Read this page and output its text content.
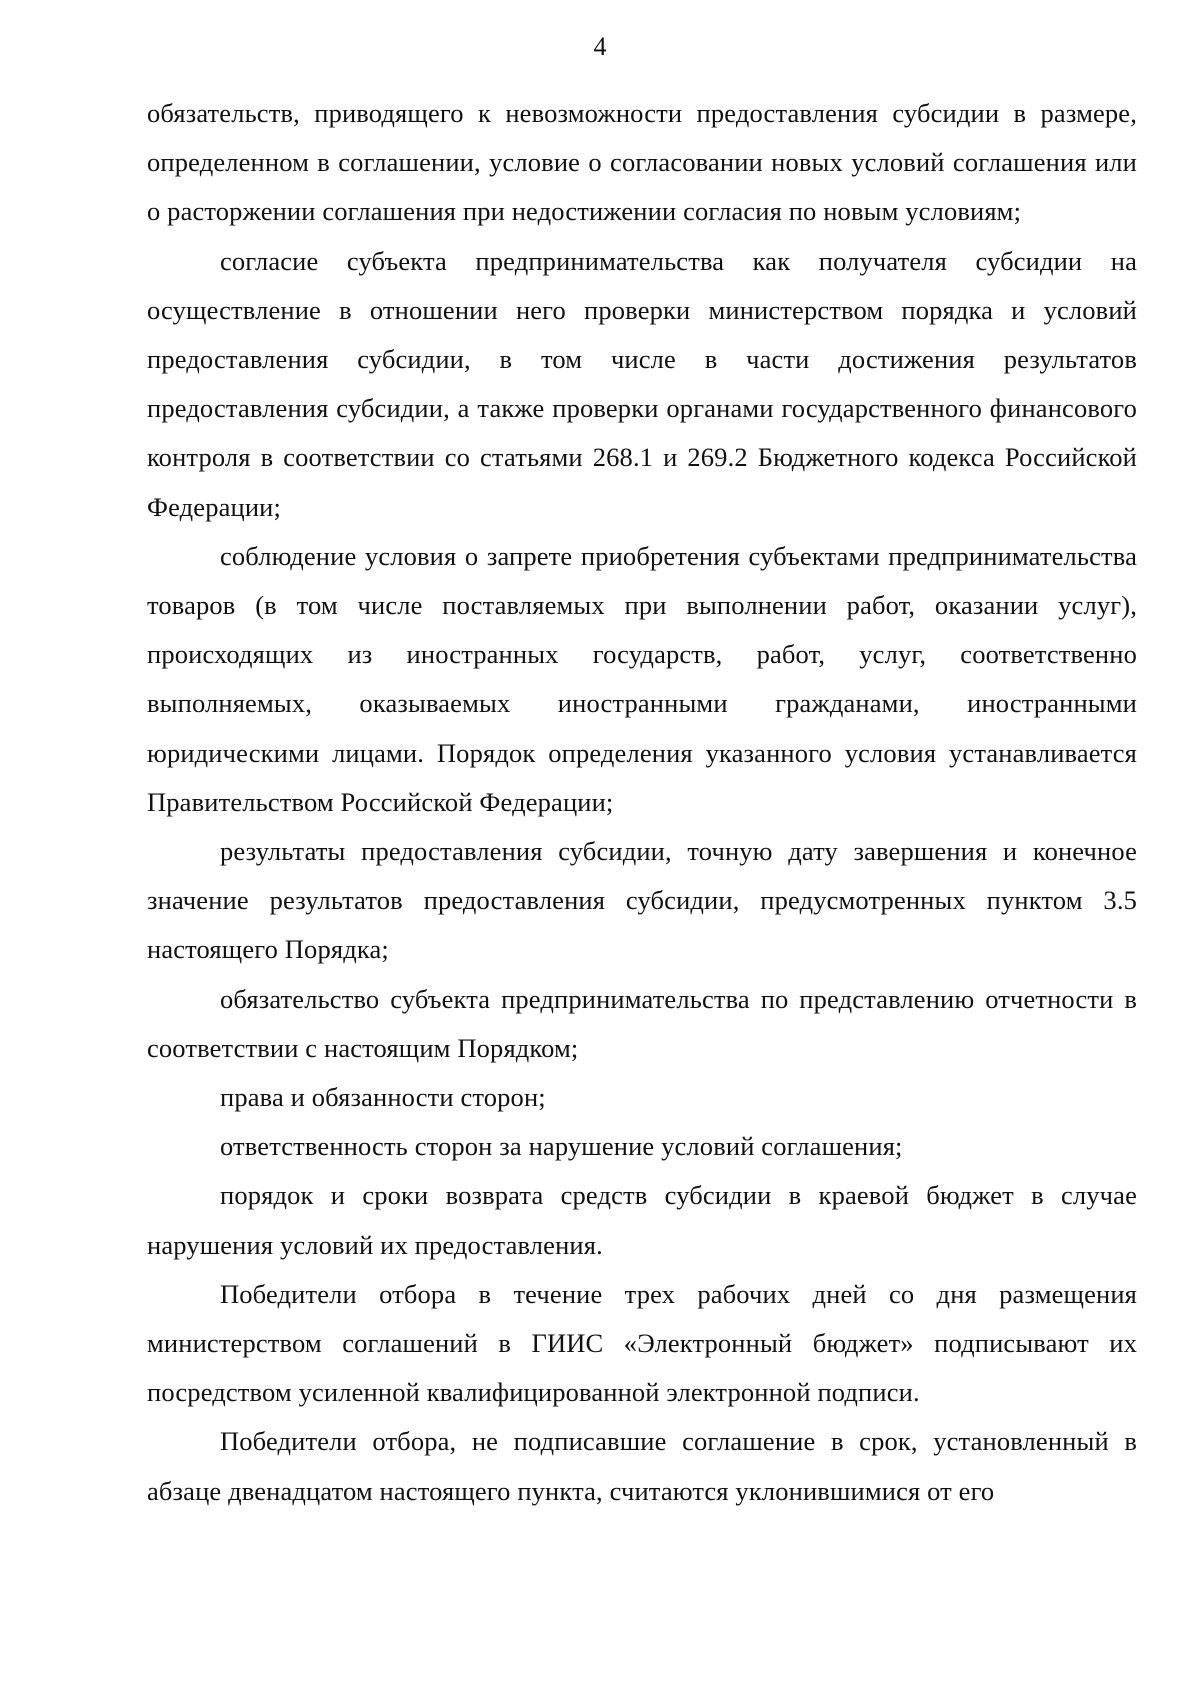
4

обязательств, приводящего к невозможности предоставления субсидии в размере, определенном в соглашении, условие о согласовании новых условий соглашения или о расторжении соглашения при недостижении согласия по новым условиям;

согласие субъекта предпринимательства как получателя субсидии на осуществление в отношении него проверки министерством порядка и условий предоставления субсидии, в том числе в части достижения результатов предоставления субсидии, а также проверки органами государственного финансового контроля в соответствии со статьями 268.1 и 269.2 Бюджетного кодекса Российской Федерации;

соблюдение условия о запрете приобретения субъектами предпринимательства товаров (в том числе поставляемых при выполнении работ, оказании услуг), происходящих из иностранных государств, работ, услуг, соответственно выполняемых, оказываемых иностранными гражданами, иностранными юридическими лицами. Порядок определения указанного условия устанавливается Правительством Российской Федерации;

результаты предоставления субсидии, точную дату завершения и конечное значение результатов предоставления субсидии, предусмотренных пунктом 3.5 настоящего Порядка;

обязательство субъекта предпринимательства по представлению отчетности в соответствии с настоящим Порядком;

права и обязанности сторон;

ответственность сторон за нарушение условий соглашения;

порядок и сроки возврата средств субсидии в краевой бюджет в случае нарушения условий их предоставления.

Победители отбора в течение трех рабочих дней со дня размещения министерством соглашений в ГИИС «Электронный бюджет» подписывают их посредством усиленной квалифицированной электронной подписи.

Победители отбора, не подписавшие соглашение в срок, установленный в абзаце двенадцатом настоящего пункта, считаются уклонившимися от его
